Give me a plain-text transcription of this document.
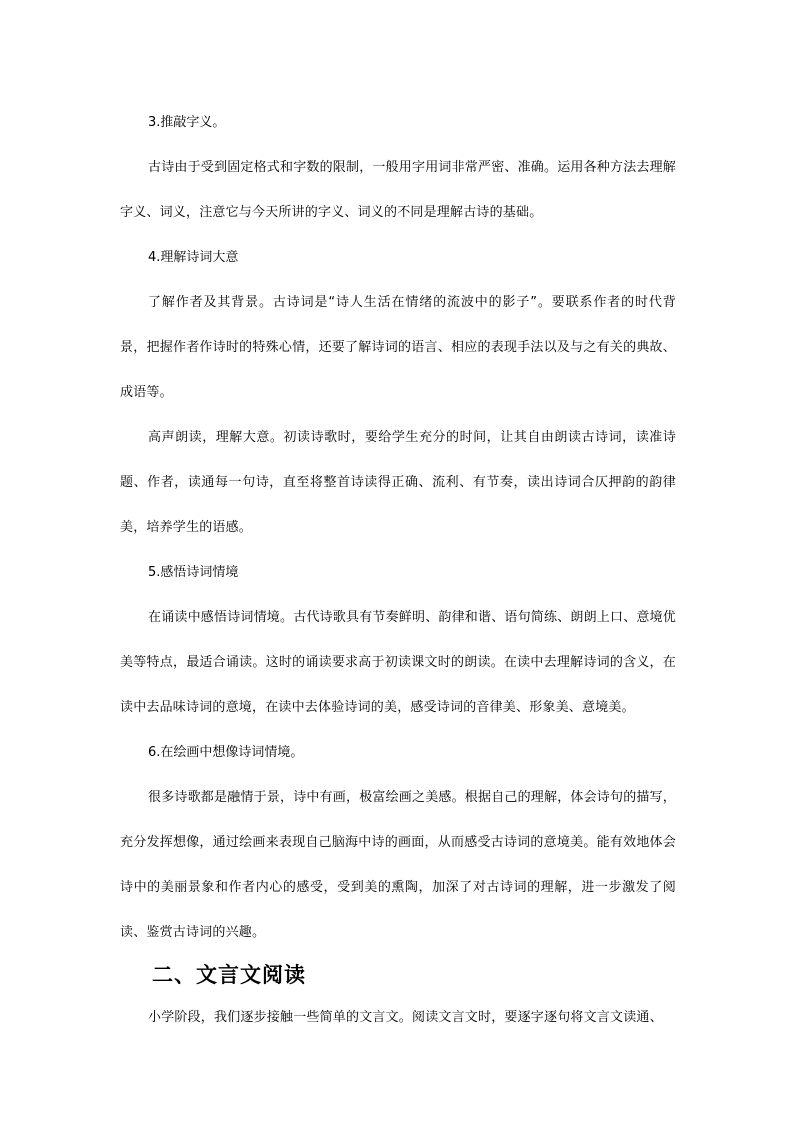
3.推敲字义。

古诗由于受到固定格式和字数的限制，一般用字用词非常严密、准确。运用各种方法去理解字义、词义，注意它与今天所讲的字义、词义的不同是理解古诗的基础。

4.理解诗词大意

了解作者及其背景。古诗词是“诗人生活在情绪的流波中的影子”。要联系作者的时代背景，把握作者作诗时的特殊心情，还要了解诗词的语言、相应的表现手法以及与之有关的典故、成语等。

高声朗读，理解大意。初读诗歌时，要给学生充分的时间，让其自由朗读古诗词，读准诗题、作者，读通每一句诗，直至将整首诗读得正确、流利、有节奏，读出诗词合仄押韵的韵律美，培养学生的语感。

5.感悟诗词情境

在诵读中感悟诗词情境。古代诗歌具有节奏鲜明、韵律和谐、语句简练、朗朗上口、意境优美等特点，最适合诵读。这时的诵读要求高于初读课文时的朗读。在读中去理解诗词的含义，在读中去品味诗词的意境，在读中去体验诗词的美，感受诗词的音律美、形象美、意境美。

6.在绘画中想像诗词情境。

很多诗歌都是融情于景，诗中有画，极富绘画之美感。根据自己的理解，体会诗句的描写，充分发挥想像，通过绘画来表现自己脑海中诗的画面，从而感受古诗词的意境美。能有效地体会诗中的美丽景象和作者内心的感受，受到美的熏陶，加深了对古诗词的理解，进一步激发了阅读、鉴赏古诗词的兴趣。

二、文言文阅读

小学阶段，我们逐步接触一些简单的文言文。阅读文言文时，要逐字逐句将文言文读通、
